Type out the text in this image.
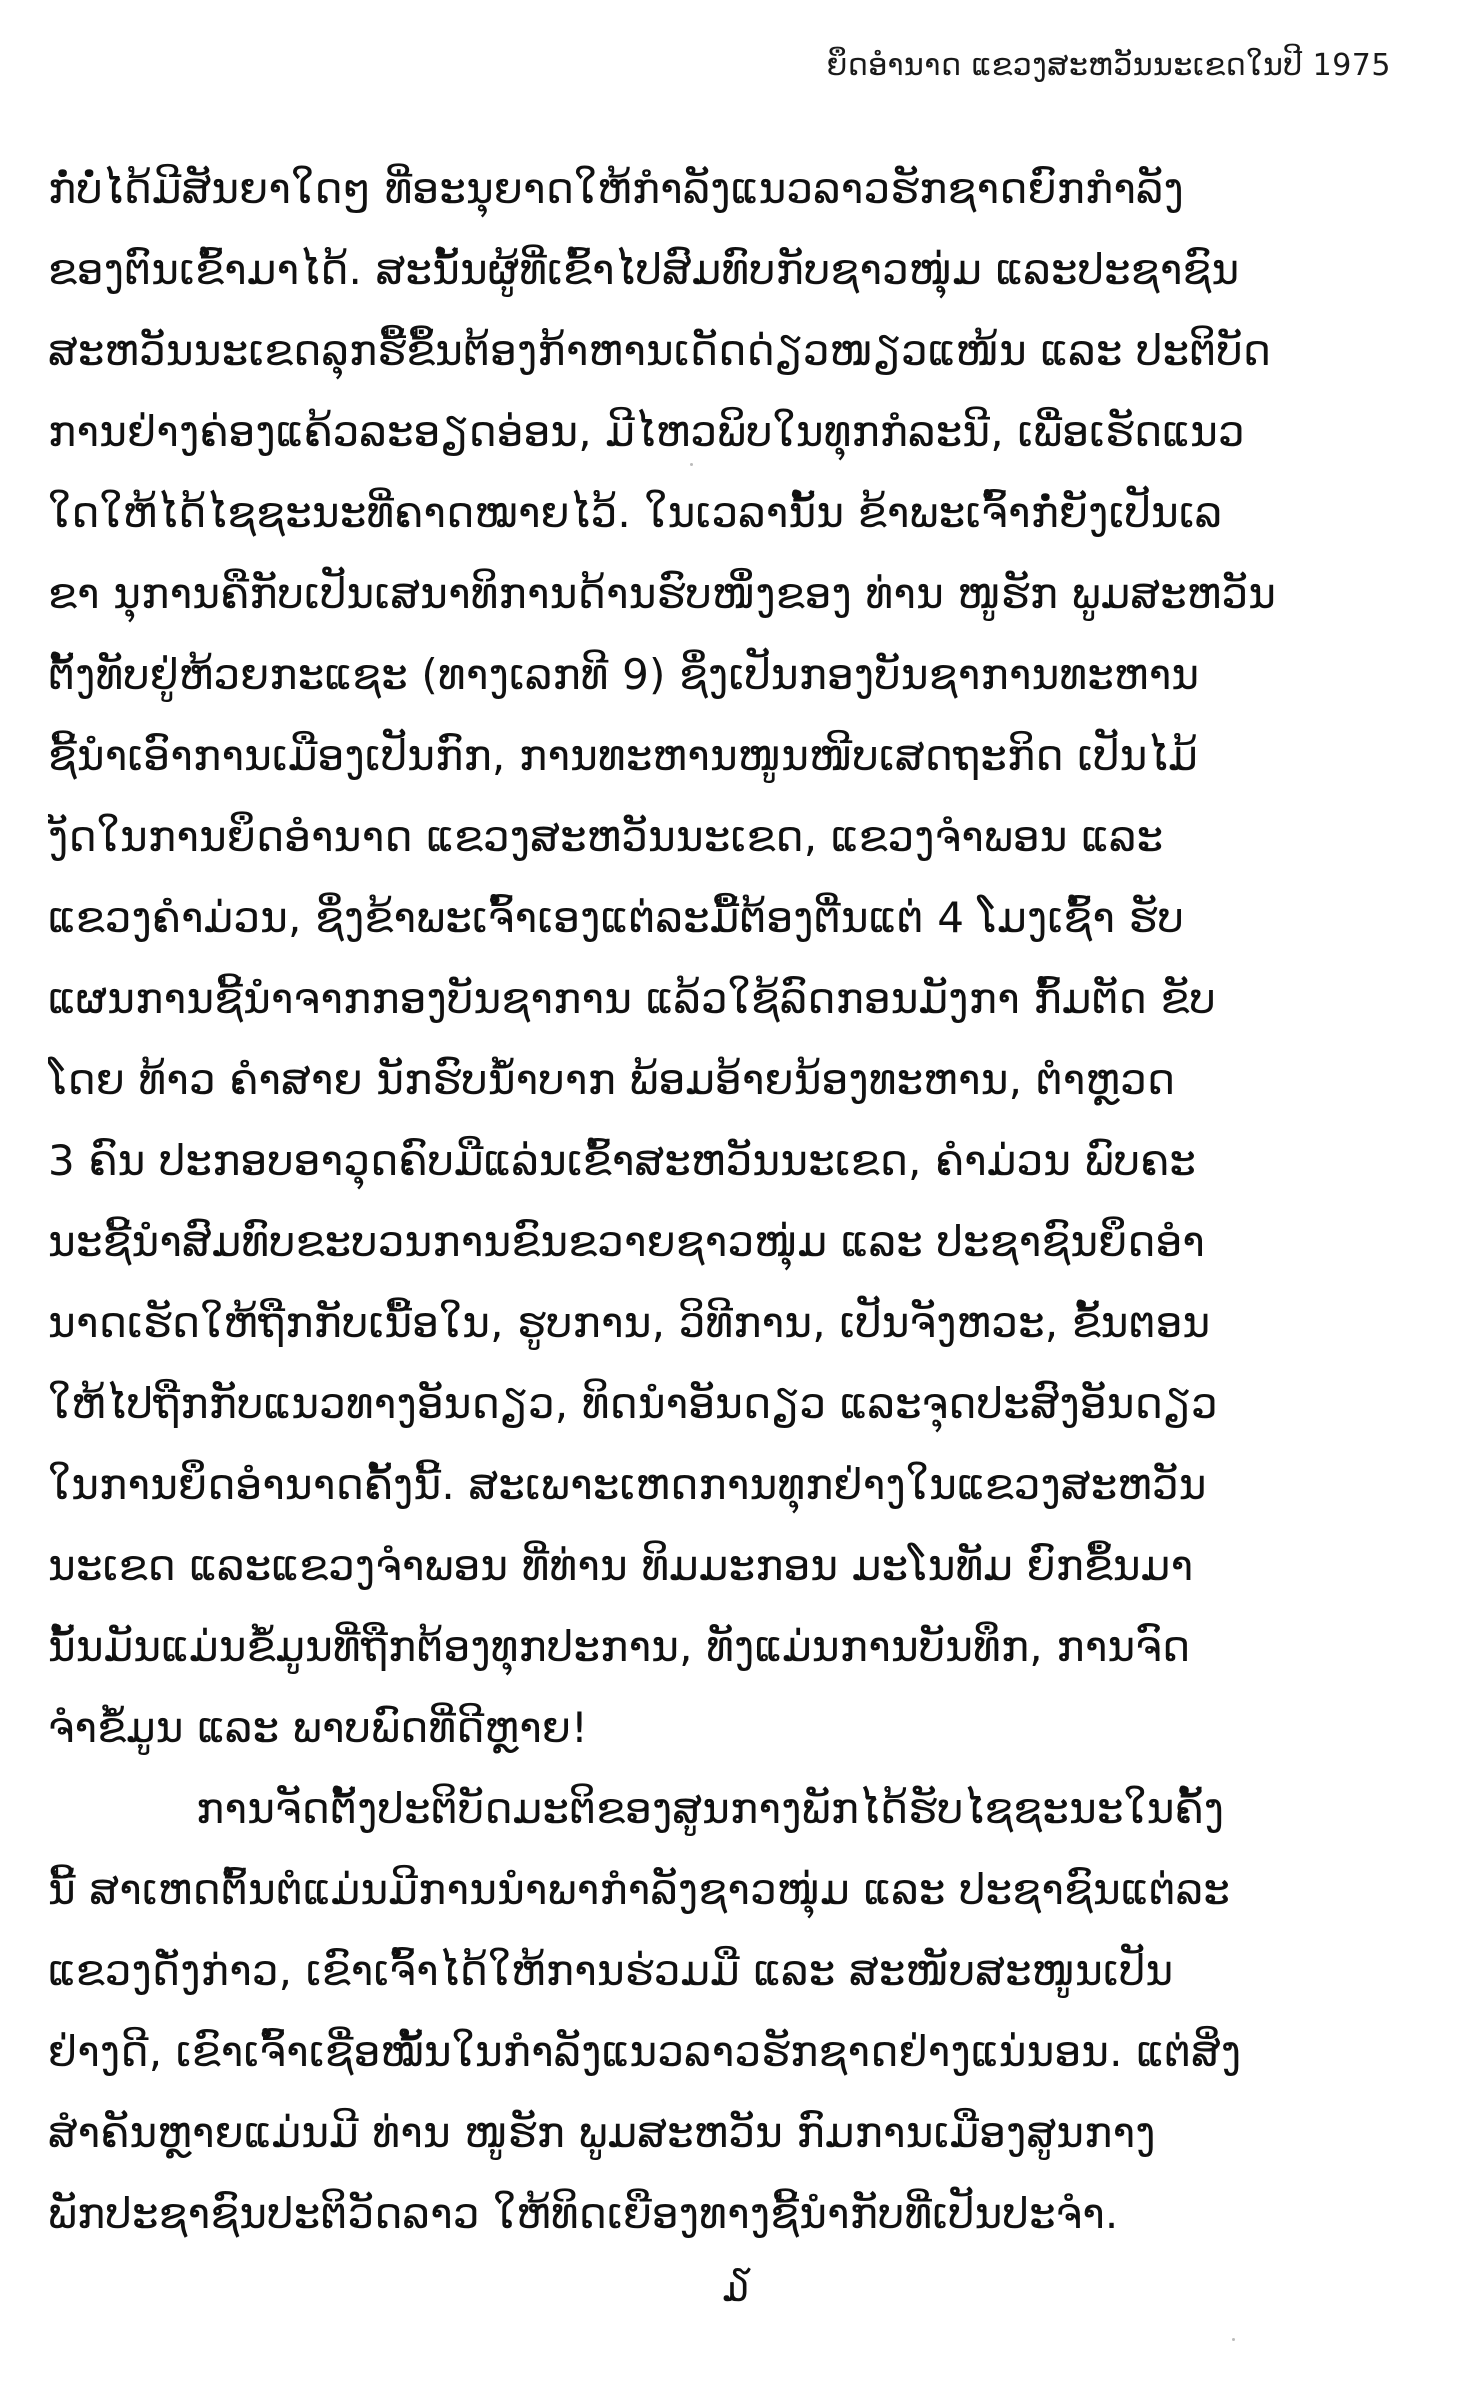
ຍຶດອຳນາດ ແຂວງສະຫວັນນະເຂດໃນປີ 1975
ກໍ່ບໍ່ໄດ້ມີສັນຍາໃດໆ ທີ່ອະນຸຍາດໃຫ້ກຳລັງແນວລາວຮັກຊາດຍົກກຳລັງ
ຂອງຕົນເຂົ້າມາໄດ້. ສະນັ້ນຜູ້ທີ່ເຂົ້າໄປສົມທົບກັບຊາວໜຸ່ມ ແລະປະຊາຊົນ
ສະຫວັນນະເຂດລຸກຮື້ຂຶ້ນຕ້ອງກ້າຫານເດັດດ່ຽວໜຽວແໜ້ນ ແລະ ປະຕິບັດ
ການຢ່າງຄ່ອງແຄ້ວລະອຽດອ່ອນ, ມີໄຫວພິບໃນທຸກກໍລະນີ, ເພື່ອເຮັດແນວ
ໃດໃຫ້ໄດ້ໄຊຊະນະທີ່ຄາດໝາຍໄວ້. ໃນເວລານັ້ນ ຂ້າພະເຈົ້າກໍ່ຍັງເປັນເລ
ຂາ ນຸການຄືກັບເປັນເສນາທິການດ້ານຮົບໜຶ່ງຂອງ ທ່ານ ໜູຮັກ ພູມສະຫວັນ
ຕັ້ງທັບຢູ່ຫ້ວຍກະແຊະ (ທາງເລກທີ 9) ຊຶ່ງເປັນກອງບັນຊາການທະຫານ
ຊີ້ນຳເອົາການເມືອງເປັນກົກ, ການທະຫານໜູນໜີບເສດຖະກິດ ເປັນໄມ້
ງັດໃນການຍຶດອຳນາດ ແຂວງສະຫວັນນະເຂດ, ແຂວງຈຳພອນ ແລະ
ແຂວງຄຳມ່ວນ, ຊຶ່ງຂ້າພະເຈົ້າເອງແຕ່ລະມື້ຕ້ອງຕື່ນແຕ່ 4 ໂມງເຊົ້າ ຮັບ
ແຜນການຊີ້ນຳຈາກກອງບັນຊາການ ແລ້ວໃຊ້ລົດກອນມັງກາ ກົ້ມຕັດ ຂັບ
ໂດຍ ທ້າວ ຄຳສາຍ ນັກຮົບນ້ຳບາກ ພ້ອມອ້າຍນ້ອງທະຫານ, ຕຳຫຼວດ
3 ຄົນ ປະກອບອາວຸດຄົບມືແລ່ນເຂົ້າສະຫວັນນະເຂດ, ຄຳມ່ວນ ພົບຄະ
ນະຊີ້ນຳສົມທົບຂະບວນການຂົນຂວາຍຊາວໜຸ່ມ ແລະ ປະຊາຊົນຍຶດອຳ
ນາດເຮັດໃຫ້ຖືກກັບເນື້ອໃນ, ຮູບການ, ວິທີການ, ເປັນຈັງຫວະ, ຂັ້ນຕອນ
ໃຫ້ໄປຖືກກັບແນວທາງອັນດຽວ, ທິດນຳອັນດຽວ ແລະຈຸດປະສົງອັນດຽວ
ໃນການຍຶດອຳນາດຄັ້ງນີ້. ສະເພາະເຫດການທຸກຢ່າງໃນແຂວງສະຫວັນ
ນະເຂດ ແລະແຂວງຈຳພອນ ທີ່ທ່ານ ທິມມະກອນ ມະໂນທັມ ຍົກຂຶ້ນມາ
ນັ້ນມັນແມ່ນຂໍ້ມູນທີ່ຖືກຕ້ອງທຸກປະການ, ທັງແມ່ນການບັນທຶກ, ການຈົດ
ຈຳຂໍ້ມູນ ແລະ ພາບພົດທີ່ດີຫຼາຍ!
ການຈັດຕັ້ງປະຕິບັດມະຕິຂອງສູນກາງພັກໄດ້ຮັບໄຊຊະນະໃນຄັ້ງ
ນີ້ ສາເຫດຕົ້ນຕໍແມ່ນມີການນຳພາກຳລັງຊາວໜຸ່ມ ແລະ ປະຊາຊົນແຕ່ລະ
ແຂວງດັ່ງກ່າວ, ເຂົາເຈົ້າໄດ້ໃຫ້ການຮ່ວມມື ແລະ ສະໜັບສະໜູນເປັນ
ຢ່າງດີ, ເຂົາເຈົ້າເຊື່ອໝັ້ນໃນກຳລັງແນວລາວຮັກຊາດຢ່າງແນ່ນອນ. ແຕ່ສິ່ງ
ສຳຄັນຫຼາຍແມ່ນມີ ທ່ານ ໜູຮັກ ພູມສະຫວັນ ກົມການເມືອງສູນກາງ
ພັກປະຊາຊົນປະຕິວັດລາວ ໃຫ້ທິດເຍືອງທາງຊີ້ນຳກັບທີ່ເປັນປະຈຳ.
໓
